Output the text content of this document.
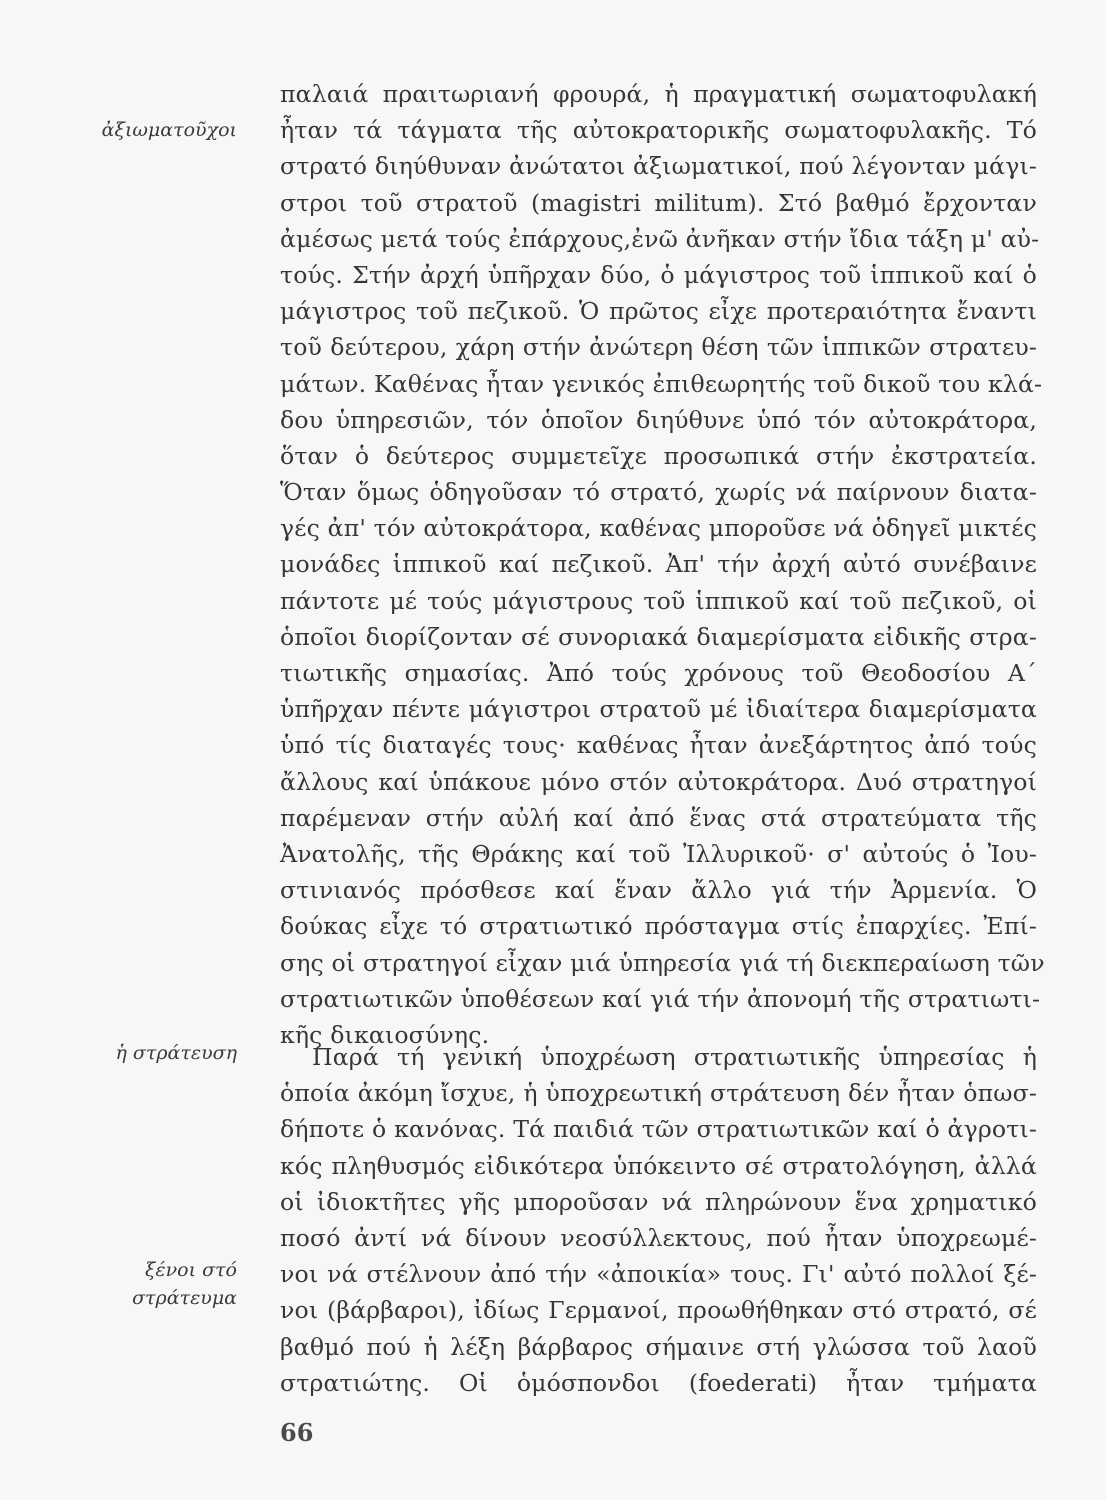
ἀξιωματοῦχοι

ἡ στράτευση

ξένοι στό
στράτευμα

παλαιά πραιτωριανή φρουρά, ἡ πραγματική σωματοφυλακή
ἦταν τά τάγματα τῆς αὐτοκρατορικῆς σωματοφυλακῆς. Τό
στρατό διηύθυναν ἀνώτατοι ἀξιωματικοί, πού λέγονταν μάγι-
στροι τοῦ στρατοῦ (magistri militum). Στό βαθμό ἔρχονταν
ἀμέσως μετά τούς ἐπάρχους,ἐνῶ ἀνῆκαν στήν ἴδια τάξη μ' αὐ-
τούς. Στήν ἀρχή ὑπῆρχαν δύο, ὁ μάγιστρος τοῦ ἱππικοῦ καί ὁ
μάγιστρος τοῦ πεζικοῦ. Ὁ πρῶτος εἶχε προτεραιότητα ἔναντι
τοῦ δεύτερου, χάρη στήν ἀνώτερη θέση τῶν ἱππικῶν στρατευ-
μάτων. Καθένας ἦταν γενικός ἐπιθεωρητής τοῦ δικοῦ του κλά-
δου ὑπηρεσιῶν, τόν ὁποῖον διηύθυνε ὑπό τόν αὐτοκράτορα,
ὅταν ὁ δεύτερος συμμετεῖχε προσωπικά στήν ἐκστρατεία.
Ὅταν ὅμως ὁδηγοῦσαν τό στρατό, χωρίς νά παίρνουν διατα-
γές ἀπ' τόν αὐτοκράτορα, καθένας μποροῦσε νά ὁδηγεῖ μικτές
μονάδες ἱππικοῦ καί πεζικοῦ. Ἀπ' τήν ἀρχή αὐτό συνέβαινε
πάντοτε μέ τούς μάγιστρους τοῦ ἱππικοῦ καί τοῦ πεζικοῦ, οἱ
ὁποῖοι διορίζονταν σέ συνοριακά διαμερίσματα εἰδικῆς στρα-
τιωτικῆς σημασίας. Ἀπό τούς χρόνους τοῦ Θεοδοσίου Α´
ὑπῆρχαν πέντε μάγιστροι στρατοῦ μέ ἰδιαίτερα διαμερίσματα
ὑπό τίς διαταγές τους· καθένας ἦταν ἀνεξάρτητος ἀπό τούς
ἄλλους καί ὑπάκουε μόνο στόν αὐτοκράτορα. Δυό στρατηγοί
παρέμεναν στήν αὐλή καί ἀπό ἕνας στά στρατεύματα τῆς
Ἀνατολῆς, τῆς Θράκης καί τοῦ Ἰλλυρικοῦ· σ' αὐτούς ὁ Ἰου-
στινιανός πρόσθεσε καί ἕναν ἄλλο γιά τήν Ἀρμενία. Ὁ
δούκας εἶχε τό στρατιωτικό πρόσταγμα στίς ἐπαρχίες. Ἐπί-
σης οἱ στρατηγοί εἶχαν μιά ὑπηρεσία γιά τή διεκπεραίωση τῶν
στρατιωτικῶν ὑποθέσεων καί γιά τήν ἀπονομή τῆς στρατιωτι-
κῆς δικαιοσύνης.
Παρά τή γενική ὑποχρέωση στρατιωτικῆς ὑπηρεσίας ἡ
ὁποία ἀκόμη ἴσχυε, ἡ ὑποχρεωτική στράτευση δέν ἦταν ὁπωσ-
δήποτε ὁ κανόνας. Τά παιδιά τῶν στρατιωτικῶν καί ὁ ἀγροτι-
κός πληθυσμός εἰδικότερα ὑπόκειντο σέ στρατολόγηση, ἀλλά
οἱ ἰδιοκτῆτες γῆς μποροῦσαν νά πληρώνουν ἕνα χρηματικό
ποσό ἀντί νά δίνουν νεοσύλλεκτους, πού ἦταν ὑποχρεωμέ-
νοι νά στέλνουν ἀπό τήν «ἀποικία» τους. Γι' αὐτό πολλοί ξέ-
νοι (βάρβαροι), ἰδίως Γερμανοί, προωθήθηκαν στό στρατό, σέ
βαθμό πού ἡ λέξη βάρβαρος σήμαινε στή γλώσσα τοῦ λαοῦ
στρατιώτης. Οἱ ὁμόσπονδοι (foederati) ἦταν τμήματα

66
